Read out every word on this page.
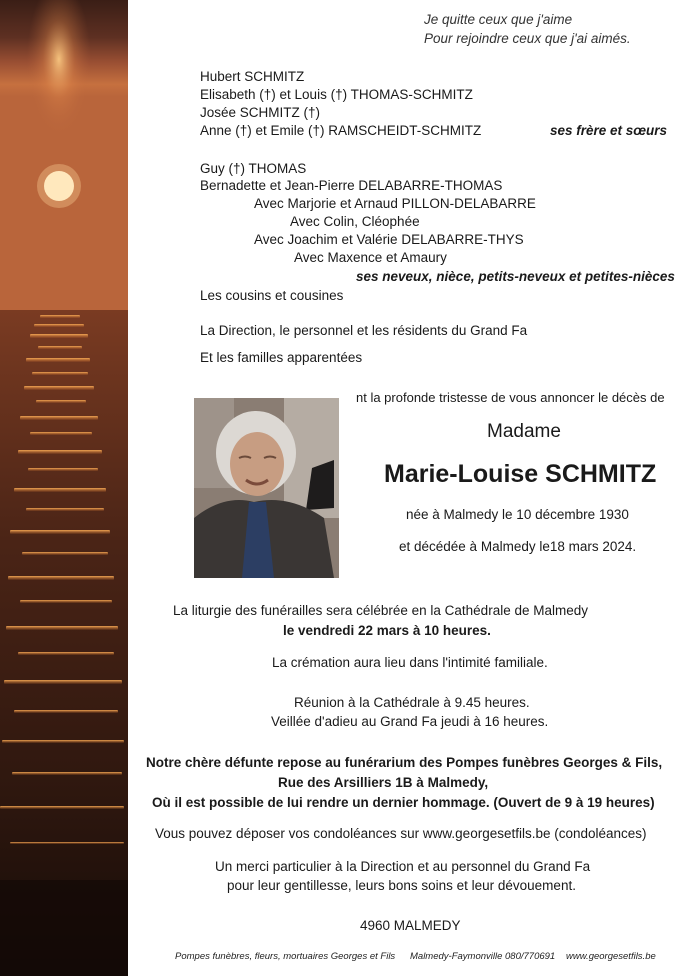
Je quitte ceux que j'aime
Pour rejoindre ceux que j'ai aimés.
Hubert SCHMITZ
Elisabeth (†) et Louis (†) THOMAS-SCHMITZ
Josée SCHMITZ (†)
Anne (†) et Emile (†) RAMSCHEIDT-SCHMITZ	ses frère et sœurs
Guy (†) THOMAS
Bernadette et Jean-Pierre DELABARRE-THOMAS
Avec Marjorie et Arnaud PILLON-DELABARRE
Avec Colin, Cléophée
Avec Joachim et Valérie DELABARRE-THYS
Avec Maxence et Amaury
ses neveux, nièce, petits-neveux et petites-nièces
Les cousins et cousines
La Direction, le personnel et les résidents du Grand Fa
Et les familles apparentées
nt la profonde tristesse de vous annoncer le décès de
Madame
Marie-Louise SCHMITZ
née à Malmedy le 10 décembre 1930
et décédée à Malmedy le18 mars 2024.
La liturgie des funérailles sera célébrée en la Cathédrale de Malmedy
le vendredi 22 mars à 10 heures.
La crémation aura lieu dans l'intimité familiale.
Réunion à la Cathédrale à 9.45 heures.
Veillée d'adieu au Grand Fa jeudi à 16 heures.
Notre chère défunte repose au funérarium des Pompes funèbres Georges & Fils,
Rue des Arsilliers 1B à Malmedy,
Où il est possible de lui rendre un dernier hommage. (Ouvert de 9 à 19 heures)
Vous pouvez déposer vos condoléances sur www.georgesetfils.be (condoléances)
Un merci particulier à la Direction et au personnel du Grand Fa
pour leur gentillesse, leurs bons soins et leur dévouement.
4960 MALMEDY
Pompes funèbres, fleurs, mortuaires Georges et Fils Malmedy-Faymonville 080/770691 www.georgesetfils.be
